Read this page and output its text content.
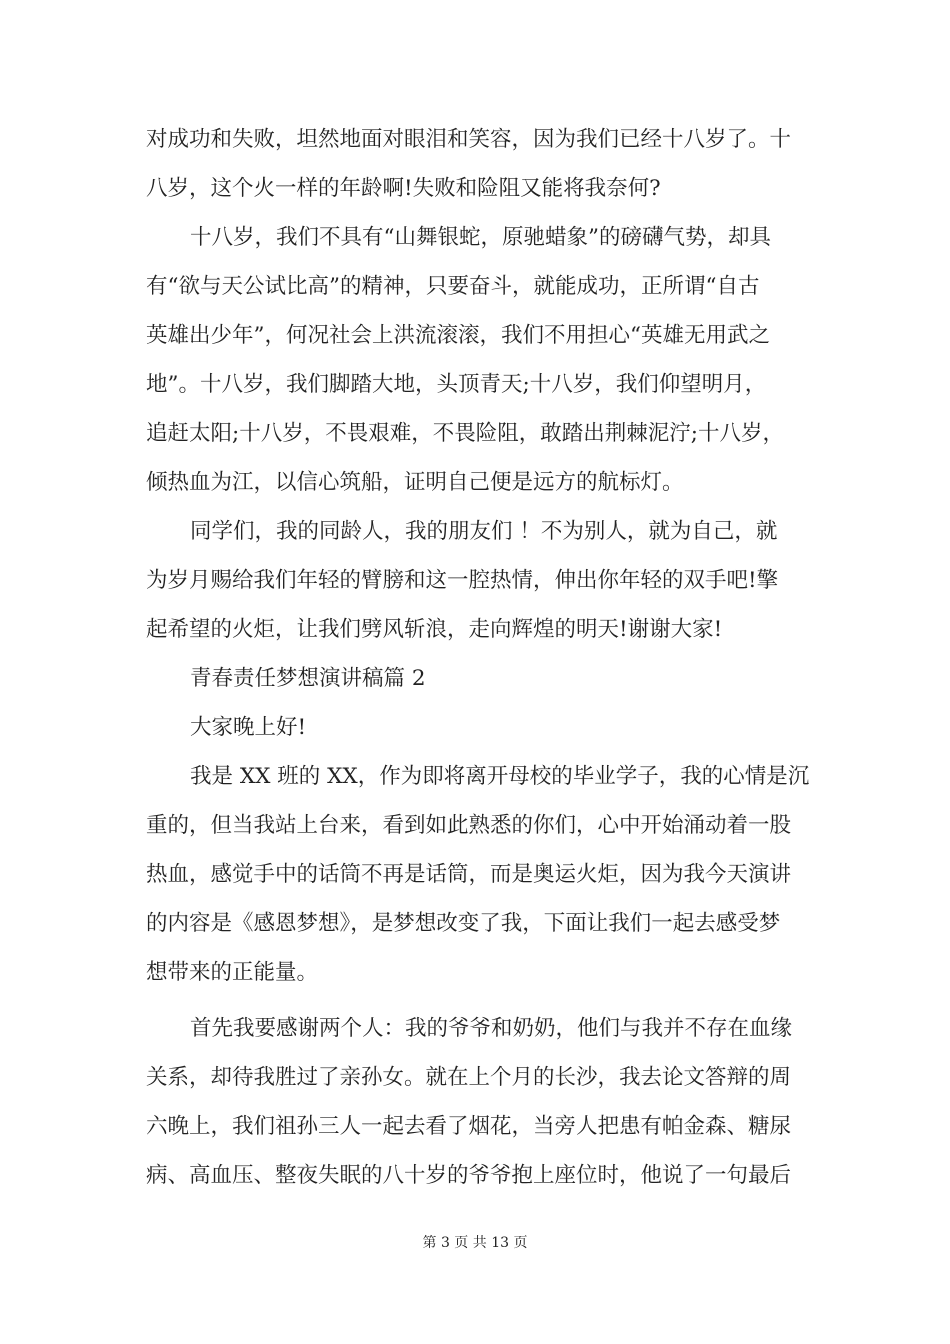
对成功和失败，坦然地面对眼泪和笑容，因为我们已经十八岁了。十
八岁，这个火一样的年龄啊!失败和险阻又能将我奈何?
十八岁，我们不具有“山舞银蛇，原驰蜡象”的磅礴气势，却具
有“欲与天公试比高”的精神，只要奋斗，就能成功，正所谓“自古
英雄出少年”，何况社会上洪流滚滚，我们不用担心“英雄无用武之
地”。十八岁，我们脚踏大地，头顶青天;十八岁，我们仰望明月，
追赶太阳;十八岁，不畏艰难，不畏险阻，敢踏出荆棘泥泞;十八岁，
倾热血为江，以信心筑船，证明自己便是远方的航标灯。
同学们，我的同龄人，我的朋友们 ！不为别人，就为自己，就
为岁月赐给我们年轻的臂膀和这一腔热情，伸出你年轻的双手吧!擎
起希望的火炬，让我们劈风斩浪，走向辉煌的明天!谢谢大家!
青春责任梦想演讲稿篇 2
大家晚上好!
我是 XX 班的 XX，作为即将离开母校的毕业学子，我的心情是沉
重的，但当我站上台来，看到如此熟悉的你们，心中开始涌动着一股
热血，感觉手中的话筒不再是话筒，而是奥运火炬，因为我今天演讲
的内容是《感恩梦想》，是梦想改变了我，下面让我们一起去感受梦
想带来的正能量。
首先我要感谢两个人：我的爷爷和奶奶，他们与我并不存在血缘
关系，却待我胜过了亲孙女。就在上个月的长沙，我去论文答辩的周
六晚上，我们祖孙三人一起去看了烟花，当旁人把患有帕金森、糖尿
病、高血压、整夜失眠的八十岁的爷爷抱上座位时，他说了一句最后
第 3 页 共 13 页
